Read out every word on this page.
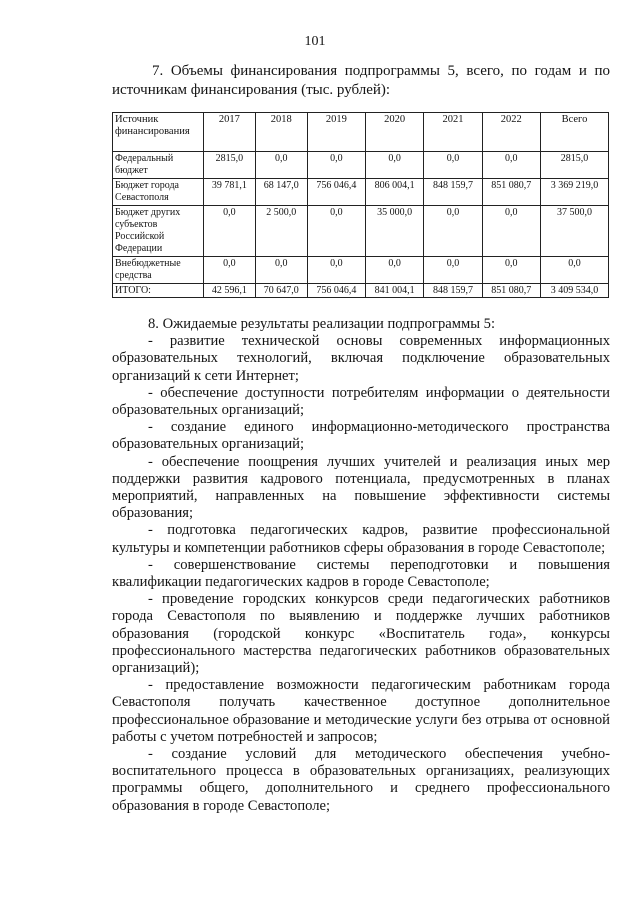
101
7. Объемы финансирования подпрограммы 5, всего, по годам и по источникам финансирования (тыс. рублей):
Источник финансирования	2017	2018	2019	2020	2021	2022	Всего
Федеральный бюджет	2815,0	0,0	0,0	0,0	0,0	0,0	2815,0
Бюджет города Севастополя	39 781,1	68 147,0	756 046,4	806 004,1	848 159,7	851 080,7	3 369 219,0
Бюджет других субъектов Российской Федерации	0,0	2 500,0	0,0	35 000,0	0,0	0,0	37 500,0
Внебюджетные средства	0,0	0,0	0,0	0,0	0,0	0,0	0,0
ИТОГО:	42 596,1	70 647,0	756 046,4	841 004,1	848 159,7	851 080,7	3 409 534,0

8. Ожидаемые результаты реализации подпрограммы 5:

- развитие технической основы современных информационных образовательных технологий, включая подключение образовательных организаций к сети Интернет;

- обеспечение доступности потребителям информации о деятельности образовательных организаций;

- создание единого информационно-методического пространства образовательных организаций;

- обеспечение поощрения лучших учителей и реализация иных мер поддержки развития кадрового потенциала, предусмотренных в планах мероприятий, направленных на повышение эффективности системы образования;

- подготовка педагогических кадров, развитие профессиональной культуры и компетенции работников сферы образования в городе Севастополе;

- совершенствование системы переподготовки и повышения квалификации педагогических кадров в городе Севастополе;

- проведение городских конкурсов среди педагогических работников города Севастополя по выявлению и поддержке лучших работников образования (городской конкурс «Воспитатель года», конкурсы профессионального мастерства педагогических работников образовательных организаций);

- предоставление возможности педагогическим работникам города Севастополя получать качественное доступное дополнительное профессиональное образование и методические услуги без отрыва от основной работы с учетом потребностей и запросов;

- создание условий для методического обеспечения учебно-воспитательного процесса в образовательных организациях, реализующих программы общего, дополнительного и среднего профессионального образования в городе Севастополе;
